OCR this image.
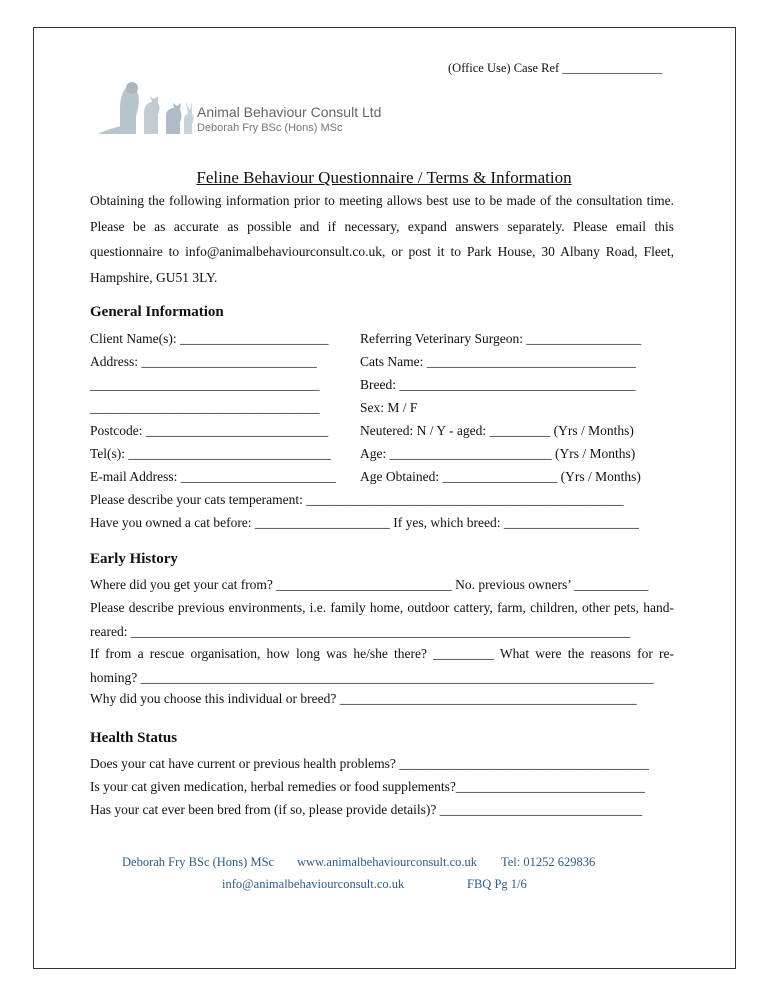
(Office Use) Case Ref ________________
Animal Behaviour Consult Ltd
Deborah Fry BSc (Hons) MSc
Feline Behaviour Questionnaire / Terms & Information
Obtaining the following information prior to meeting allows best use to be made of the consultation time. Please be as accurate as possible and if necessary, expand answers separately. Please email this questionnaire to info@animalbehaviourconsult.co.uk, or post it to Park House, 30 Albany Road, Fleet, Hampshire, GU51 3LY.
General Information
Client Name(s): ______________________
Address: __________________________
__________________________________
__________________________________
Postcode: ___________________________
Tel(s): ______________________________
E-mail Address: _______________________
Referring Veterinary Surgeon: _________________
Cats Name: _______________________________
Breed: ___________________________________
Sex: M / F
Neutered: N / Y - aged: _________ (Yrs / Months)
Age: ________________________ (Yrs / Months)
Age Obtained: _________________ (Yrs / Months)
Please describe your cats temperament: _______________________________________________
Have you owned a cat before: ____________________ If yes, which breed: ____________________
Early History
Where did you get your cat from? __________________________ No. previous owners’ ___________
Please describe previous environments, i.e. family home, outdoor cattery, farm, children, other pets, hand-reared: __________________________________________________________________________
If from a rescue organisation, how long was he/she there? _________ What were the reasons for re-homing? ____________________________________________________________________________
Why did you choose this individual or breed? ____________________________________________
Health Status
Does your cat have current or previous health problems? _____________________________________
Is your cat given medication, herbal remedies or food supplements?____________________________
Has your cat ever been bred from (if so, please provide details)? ______________________________
Deborah Fry BSc (Hons) MSc www.animalbehaviourconsult.co.uk Tel: 01252 629836
info@animalbehaviourconsult.co.uk	FBQ Pg 1/6
